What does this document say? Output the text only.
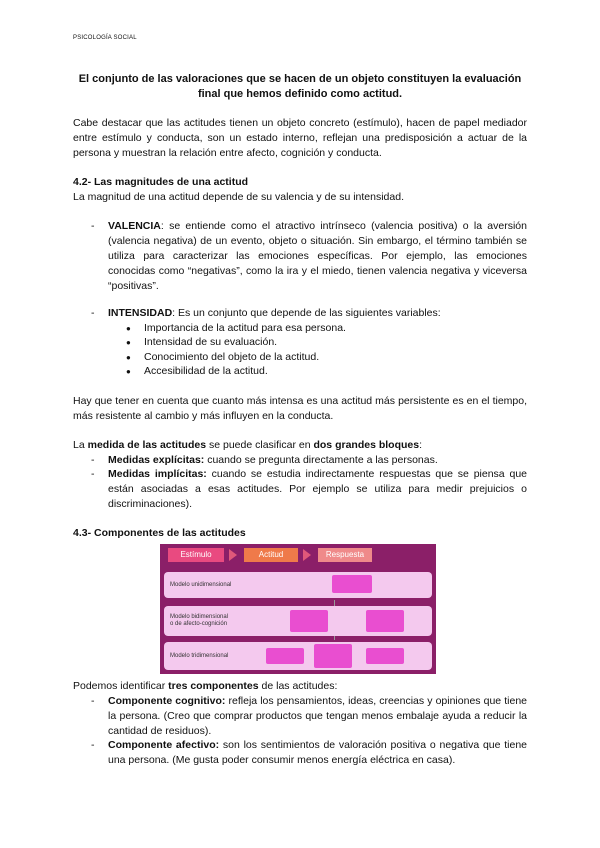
PSICOLOGÍA SOCIAL
El conjunto de las valoraciones que se hacen de un objeto constituyen la evaluación
final que hemos definido como actitud.

Cabe destacar que las actitudes tienen un objeto concreto (estímulo), hacen de papel mediador entre estímulo y conducta, son un estado interno, reflejan una predisposición a actuar de la persona y muestran la relación entre afecto, cognición y conducta.

4.2- Las magnitudes de una actitud

La magnitud de una actitud depende de su valencia y de su intensidad.

-	VALENCIA: se entiende como el atractivo intrínseco (valencia positiva) o la aversión (valencia negativa) de un evento, objeto o situación. Sin embargo, el término también se utiliza para caracterizar las emociones específicas. Por ejemplo, las emociones conocidas como “negativas”, como la ira y el miedo, tienen valencia negativa y viceversa “positivas”.

-	INTENSIDAD: Es un conjunto que depende de las siguientes variables:

● Importancia de la actitud para esa persona.
● Intensidad de su evaluación.
● Conocimiento del objeto de la actitud.
● Accesibilidad de la actitud.

Hay que tener en cuenta que cuanto más intensa es una actitud más persistente es en el tiempo, más resistente al cambio y más influyen en la conducta.

La medida de las actitudes se puede clasificar en dos grandes bloques:

-	Medidas explícitas: cuando se pregunta directamente a las personas.

-	Medidas implícitas: cuando se estudia indirectamente respuestas que se piensa que están asociadas a esas actitudes. Por ejemplo se utiliza para medir prejuicios o discriminaciones).

4.3- Componentes de las actitudes
Estímulo	Actitud	Respuesta
Modelo unidimensional
Modelo bidimensional
o de afecto-cognición
Modelo tridimensional

Podemos identificar tres componentes de las actitudes:

-	Componente cognitivo: refleja los pensamientos, ideas, creencias y opiniones que tiene la persona. (Creo que comprar productos que tengan menos embalaje ayuda a reducir la cantidad de residuos).

-	Componente afectivo: son los sentimientos de valoración positiva o negativa que tiene una persona. (Me gusta poder consumir menos energía eléctrica en casa).
